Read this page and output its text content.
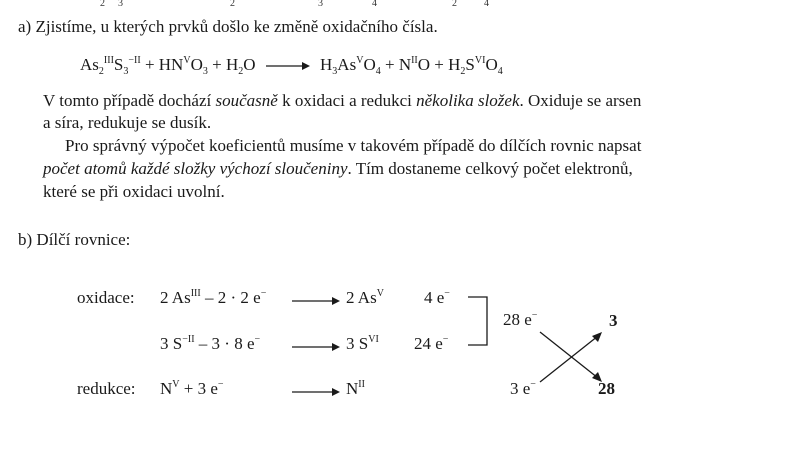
2 3	2	3	4	2	4
a) Zjistíme, u kterých prvků došlo ke změně oxidačního čísla.
$As_2^{III}S_3^{-II} + HN^VO_3 + H_2O \to H_3As^VO_4 + N^{II}O + H_2S^{VI}O_4$
V tomto případě dochází současně k oxidaci a redukci několika složek. Oxiduje se arsen
a síra, redukuje se dusík.
Pro správný výpočet koeficientů musíme v takovém případě do dílčích rovnic napsat
počet atomů každé složky výchozí sloučeniny. Tím dostaneme celkový počet elektronů,
které se při oxidaci uvolní.
b) Dílčí rovnice:
oxidace: 2 $As^{III} - 2 \cdot 2$ e−	2 $As^V$ 4 e−
3 $S^{-II} - 3 \cdot 8$ e−	3 $S^{VI}$ 24 e−
28 e−	3
redukce: $N^V + 3$ e−	$N^{II}$	3 e−	28
